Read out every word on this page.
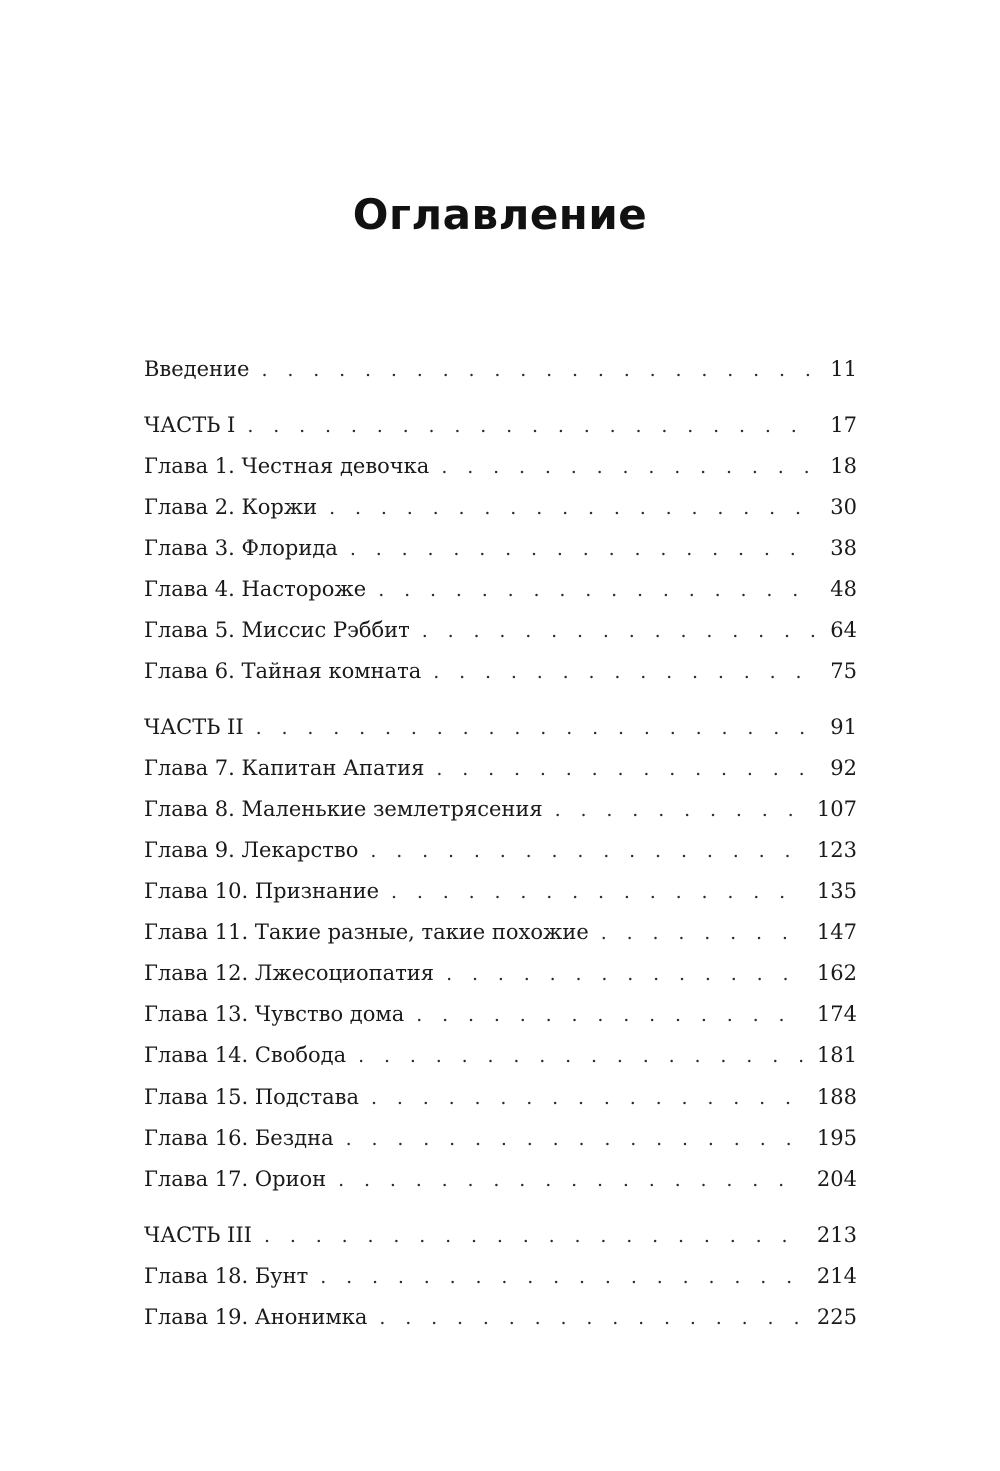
Оглавление
Введение . . .	11
ЧАСТЬ I . . .	17
Глава 1. Честная девочка . . .	18
Глава 2. Коржи . . .	30
Глава 3. Флорида . . .	38
Глава 4. Настороже . . .	48
Глава 5. Миссис Рэббит . . .	64
Глава 6. Тайная комната . . .	75
ЧАСТЬ II . . .	91
Глава 7. Капитан Апатия . . .	92
Глава 8. Маленькие землетрясения . . .	107
Глава 9. Лекарство . . .	123
Глава 10. Признание . . .	135
Глава 11. Такие разные, такие похожие . . .	147
Глава 12. Лжесоциопатия . . .	162
Глава 13. Чувство дома . . .	174
Глава 14. Свобода . . .	181
Глава 15. Подстава . . .	188
Глава 16. Бездна . . .	195
Глава 17. Орион . . .	204
ЧАСТЬ III . . .	213
Глава 18. Бунт . . .	214
Глава 19. Анонимка . . .	225
